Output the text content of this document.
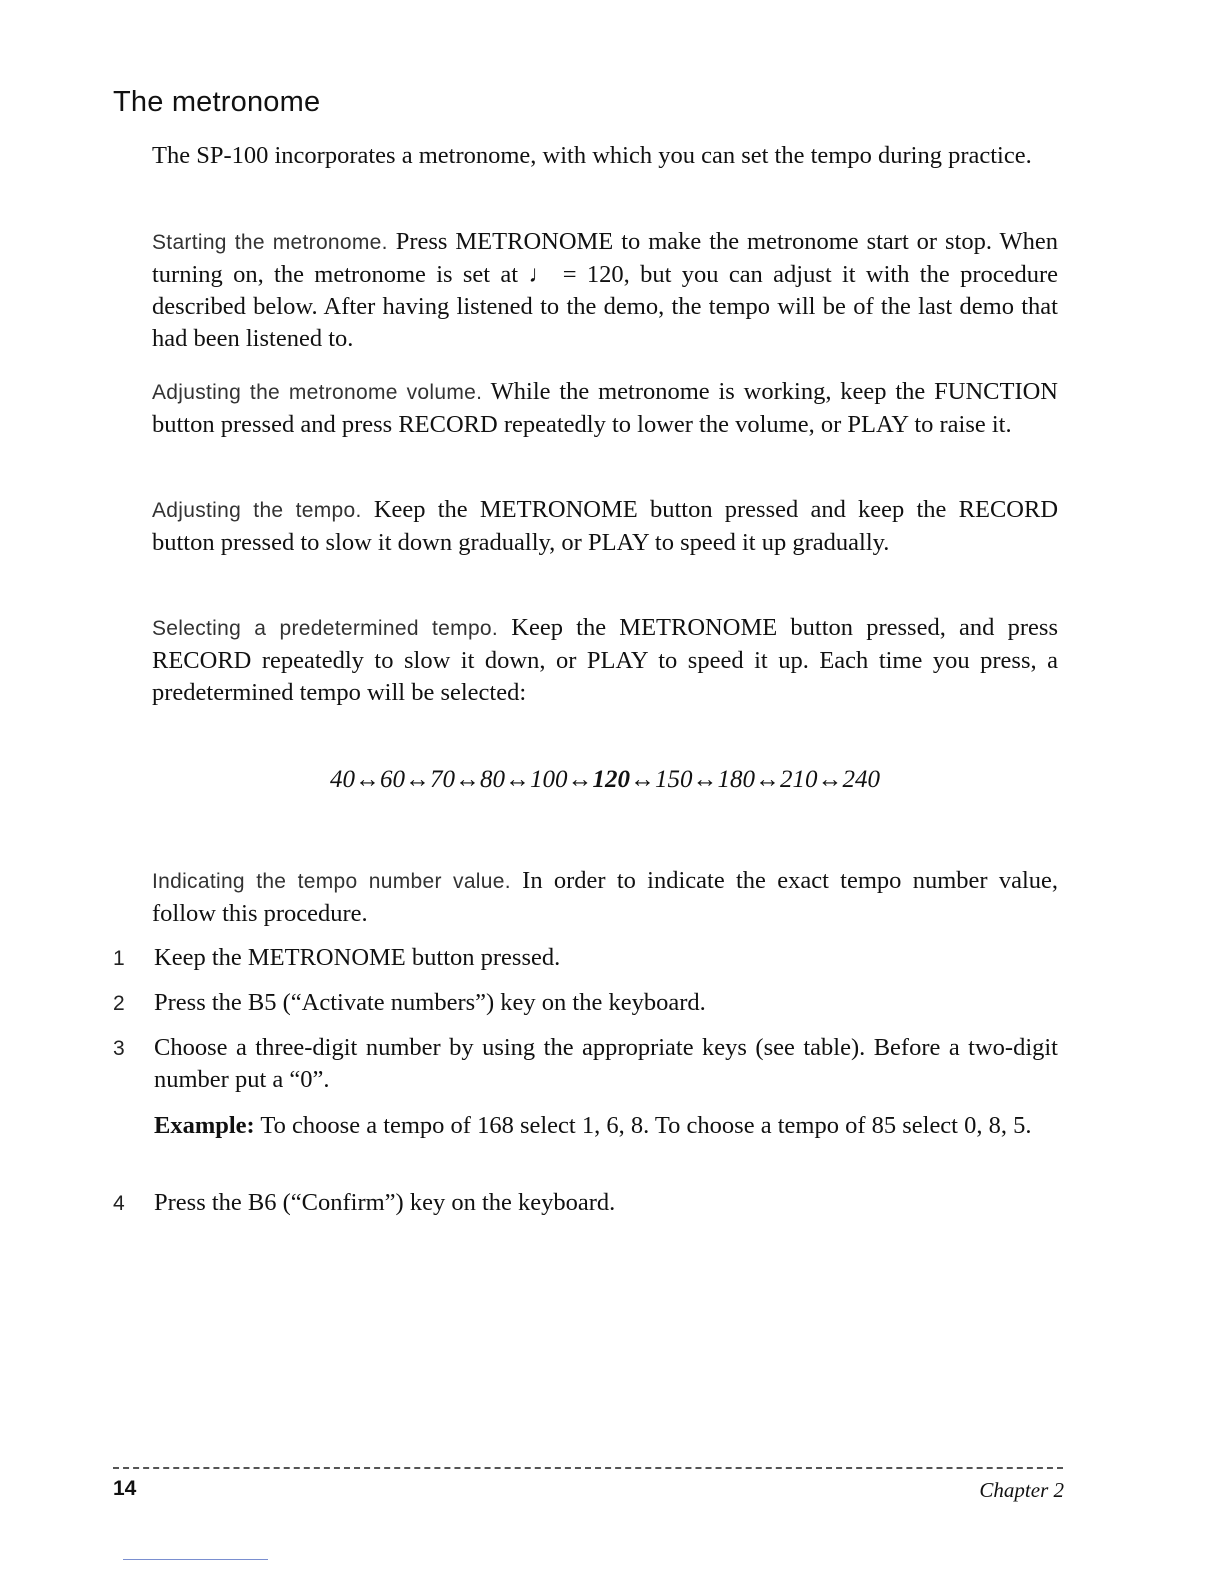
The metronome

The SP-100 incorporates a metronome, with which you can set the tempo during practice.

Starting the metronome. Press METRONOME to make the metronome start or stop. When turning on, the metronome is set at ♩ = 120, but you can adjust it with the procedure described below. After having listened to the demo, the tempo will be of the last demo that had been listened to.

Adjusting the metronome volume. While the metronome is working, keep the FUNCTION button pressed and press RECORD repeatedly to lower the volume, or PLAY to raise it.

Adjusting the tempo. Keep the METRONOME button pressed and keep the RECORD button pressed to slow it down gradually, or PLAY to speed it up gradually.

Selecting a predetermined tempo. Keep the METRONOME button pressed, and press RECORD repeatedly to slow it down, or PLAY to speed it up. Each time you press, a predetermined tempo will be selected:

40↔60↔70↔80↔100↔120↔150↔180↔210↔240

Indicating the tempo number value. In order to indicate the exact tempo number value, follow this procedure.

1	Keep the METRONOME button pressed.
2	Press the B5 (“Activate numbers”) key on the keyboard.
3	Choose a three-digit number by using the appropriate keys (see table). Before a two-digit number put a “0”.

Example: To choose a tempo of 168 select 1, 6, 8. To choose a tempo of 85 select 0, 8, 5.

4	Press the B6 (“Confirm”) key on the keyboard.
14	Chapter 2
